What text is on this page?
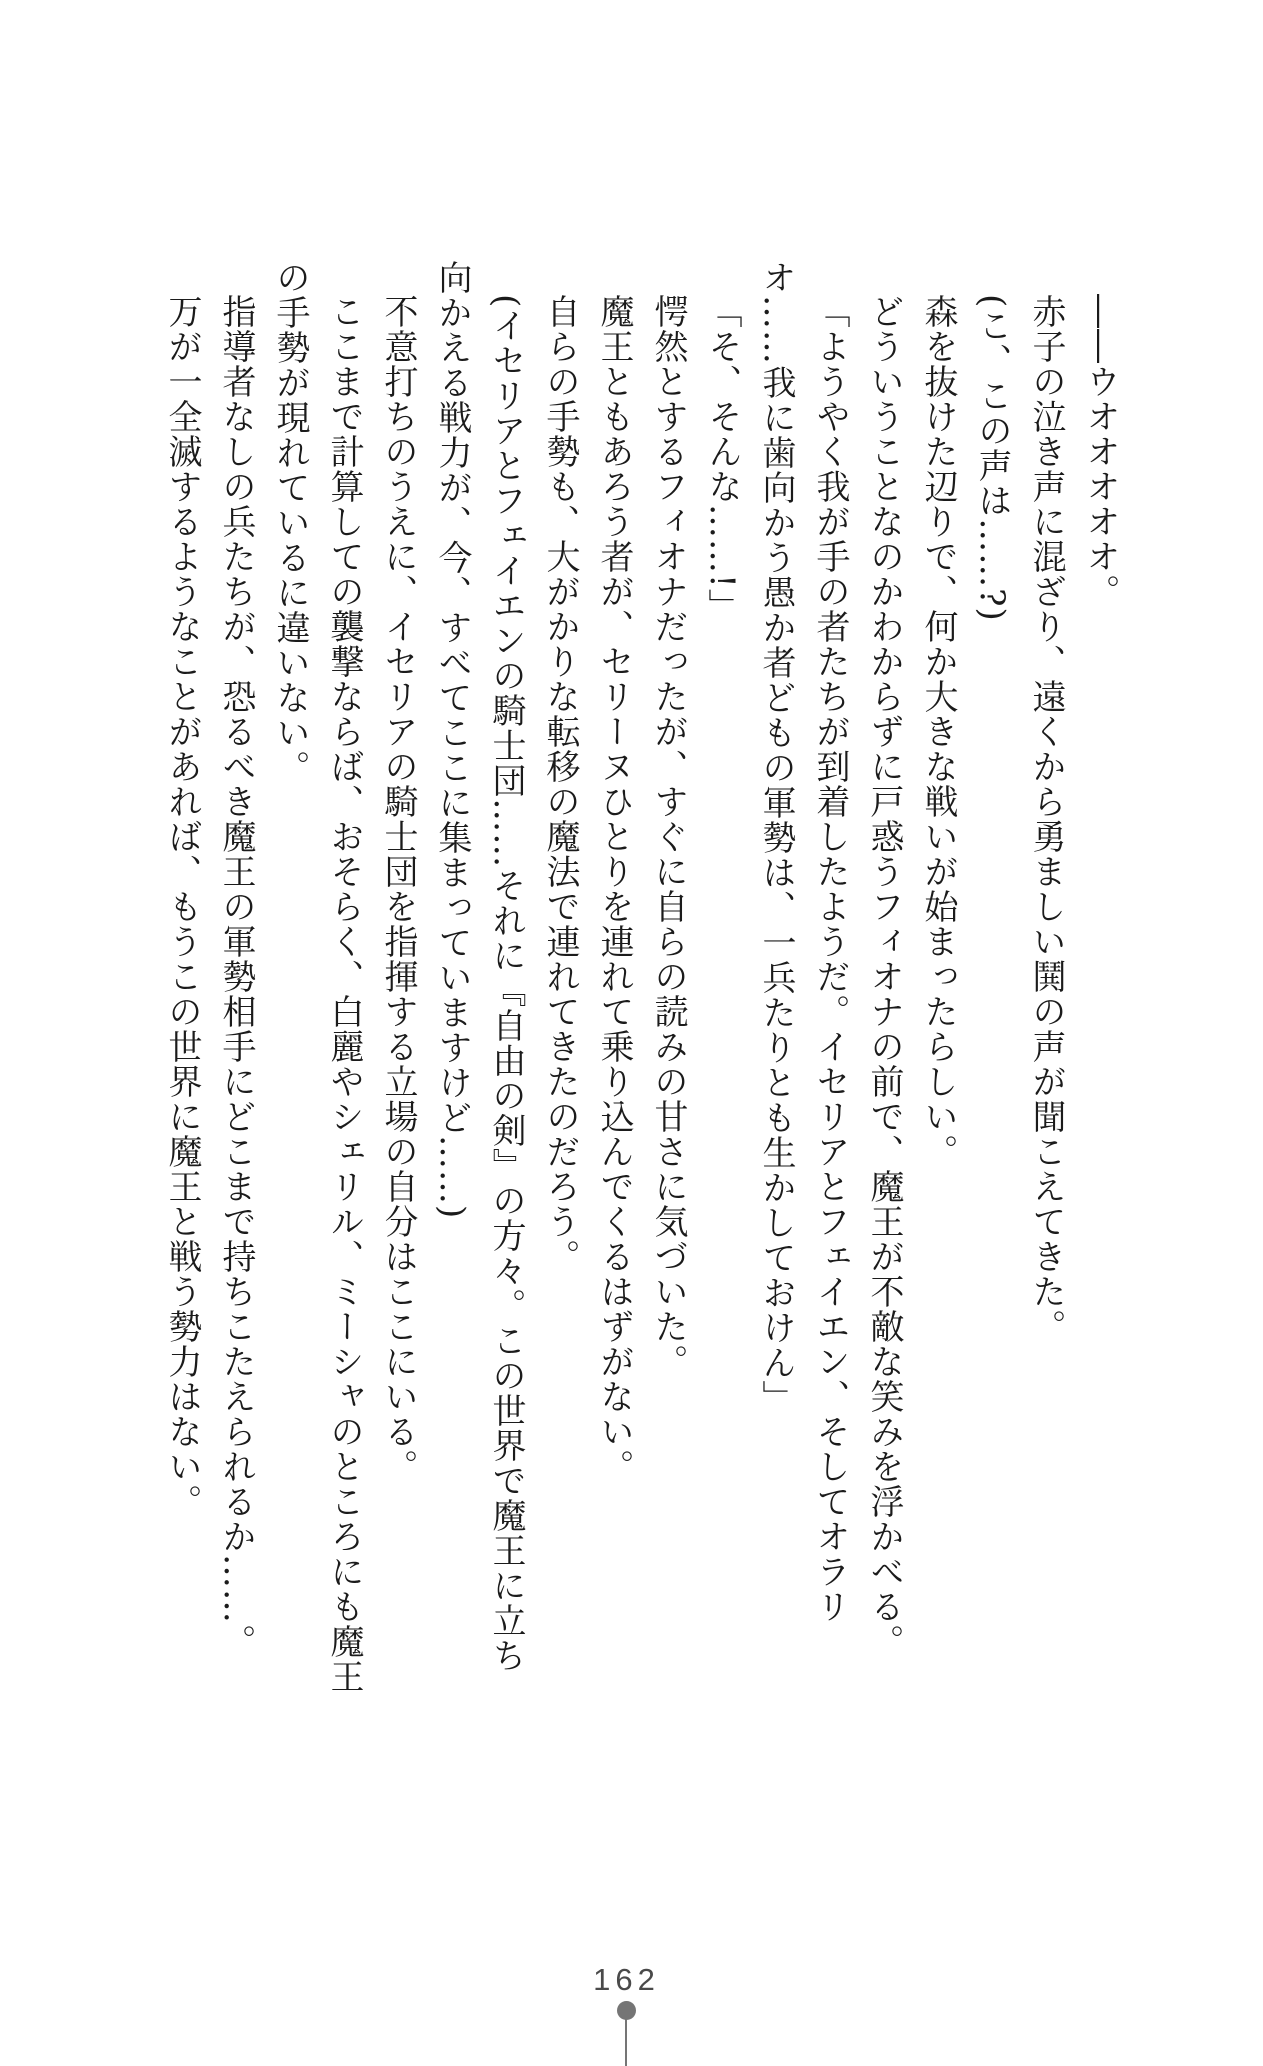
――ウオオオオオ。

赤子の泣き声に混ざり、遠くから勇ましい鬨の声が聞こえてきた。

(こ、この声は……?)

森を抜けた辺りで、何か大きな戦いが始まったらしい。

どういうことなのかわからずに戸惑うフィオナの前で、魔王が不敵な笑みを浮かべる。

「ようやく我が手の者たちが到着したようだ。イセリアとフェイエン、そしてオラリオ……我に歯向かう愚か者どもの軍勢は、一兵たりとも生かしておけん」

「そ、そんな……!」

愕然とするフィオナだったが、すぐに自らの読みの甘さに気づいた。

魔王ともあろう者が、セリーヌひとりを連れて乗り込んでくるはずがない。

自らの手勢も、大がかりな転移の魔法で連れてきたのだろう。

(イセリアとフェイエンの騎士団……それに『自由の剣』の方々。この世界で魔王に立ち向かえる戦力が、今、すべてここに集まっていますけど……)

不意打ちのうえに、イセリアの騎士団を指揮する立場の自分はここにいる。

ここまで計算しての襲撃ならば、おそらく、白麗やシェリル、ミーシャのところにも魔王の手勢が現れているに違いない。

指導者なしの兵たちが、恐るべき魔王の軍勢相手にどこまで持ちこたえられるか……。

万が一全滅するようなことがあれば、もうこの世界に魔王と戦う勢力はない。

162
